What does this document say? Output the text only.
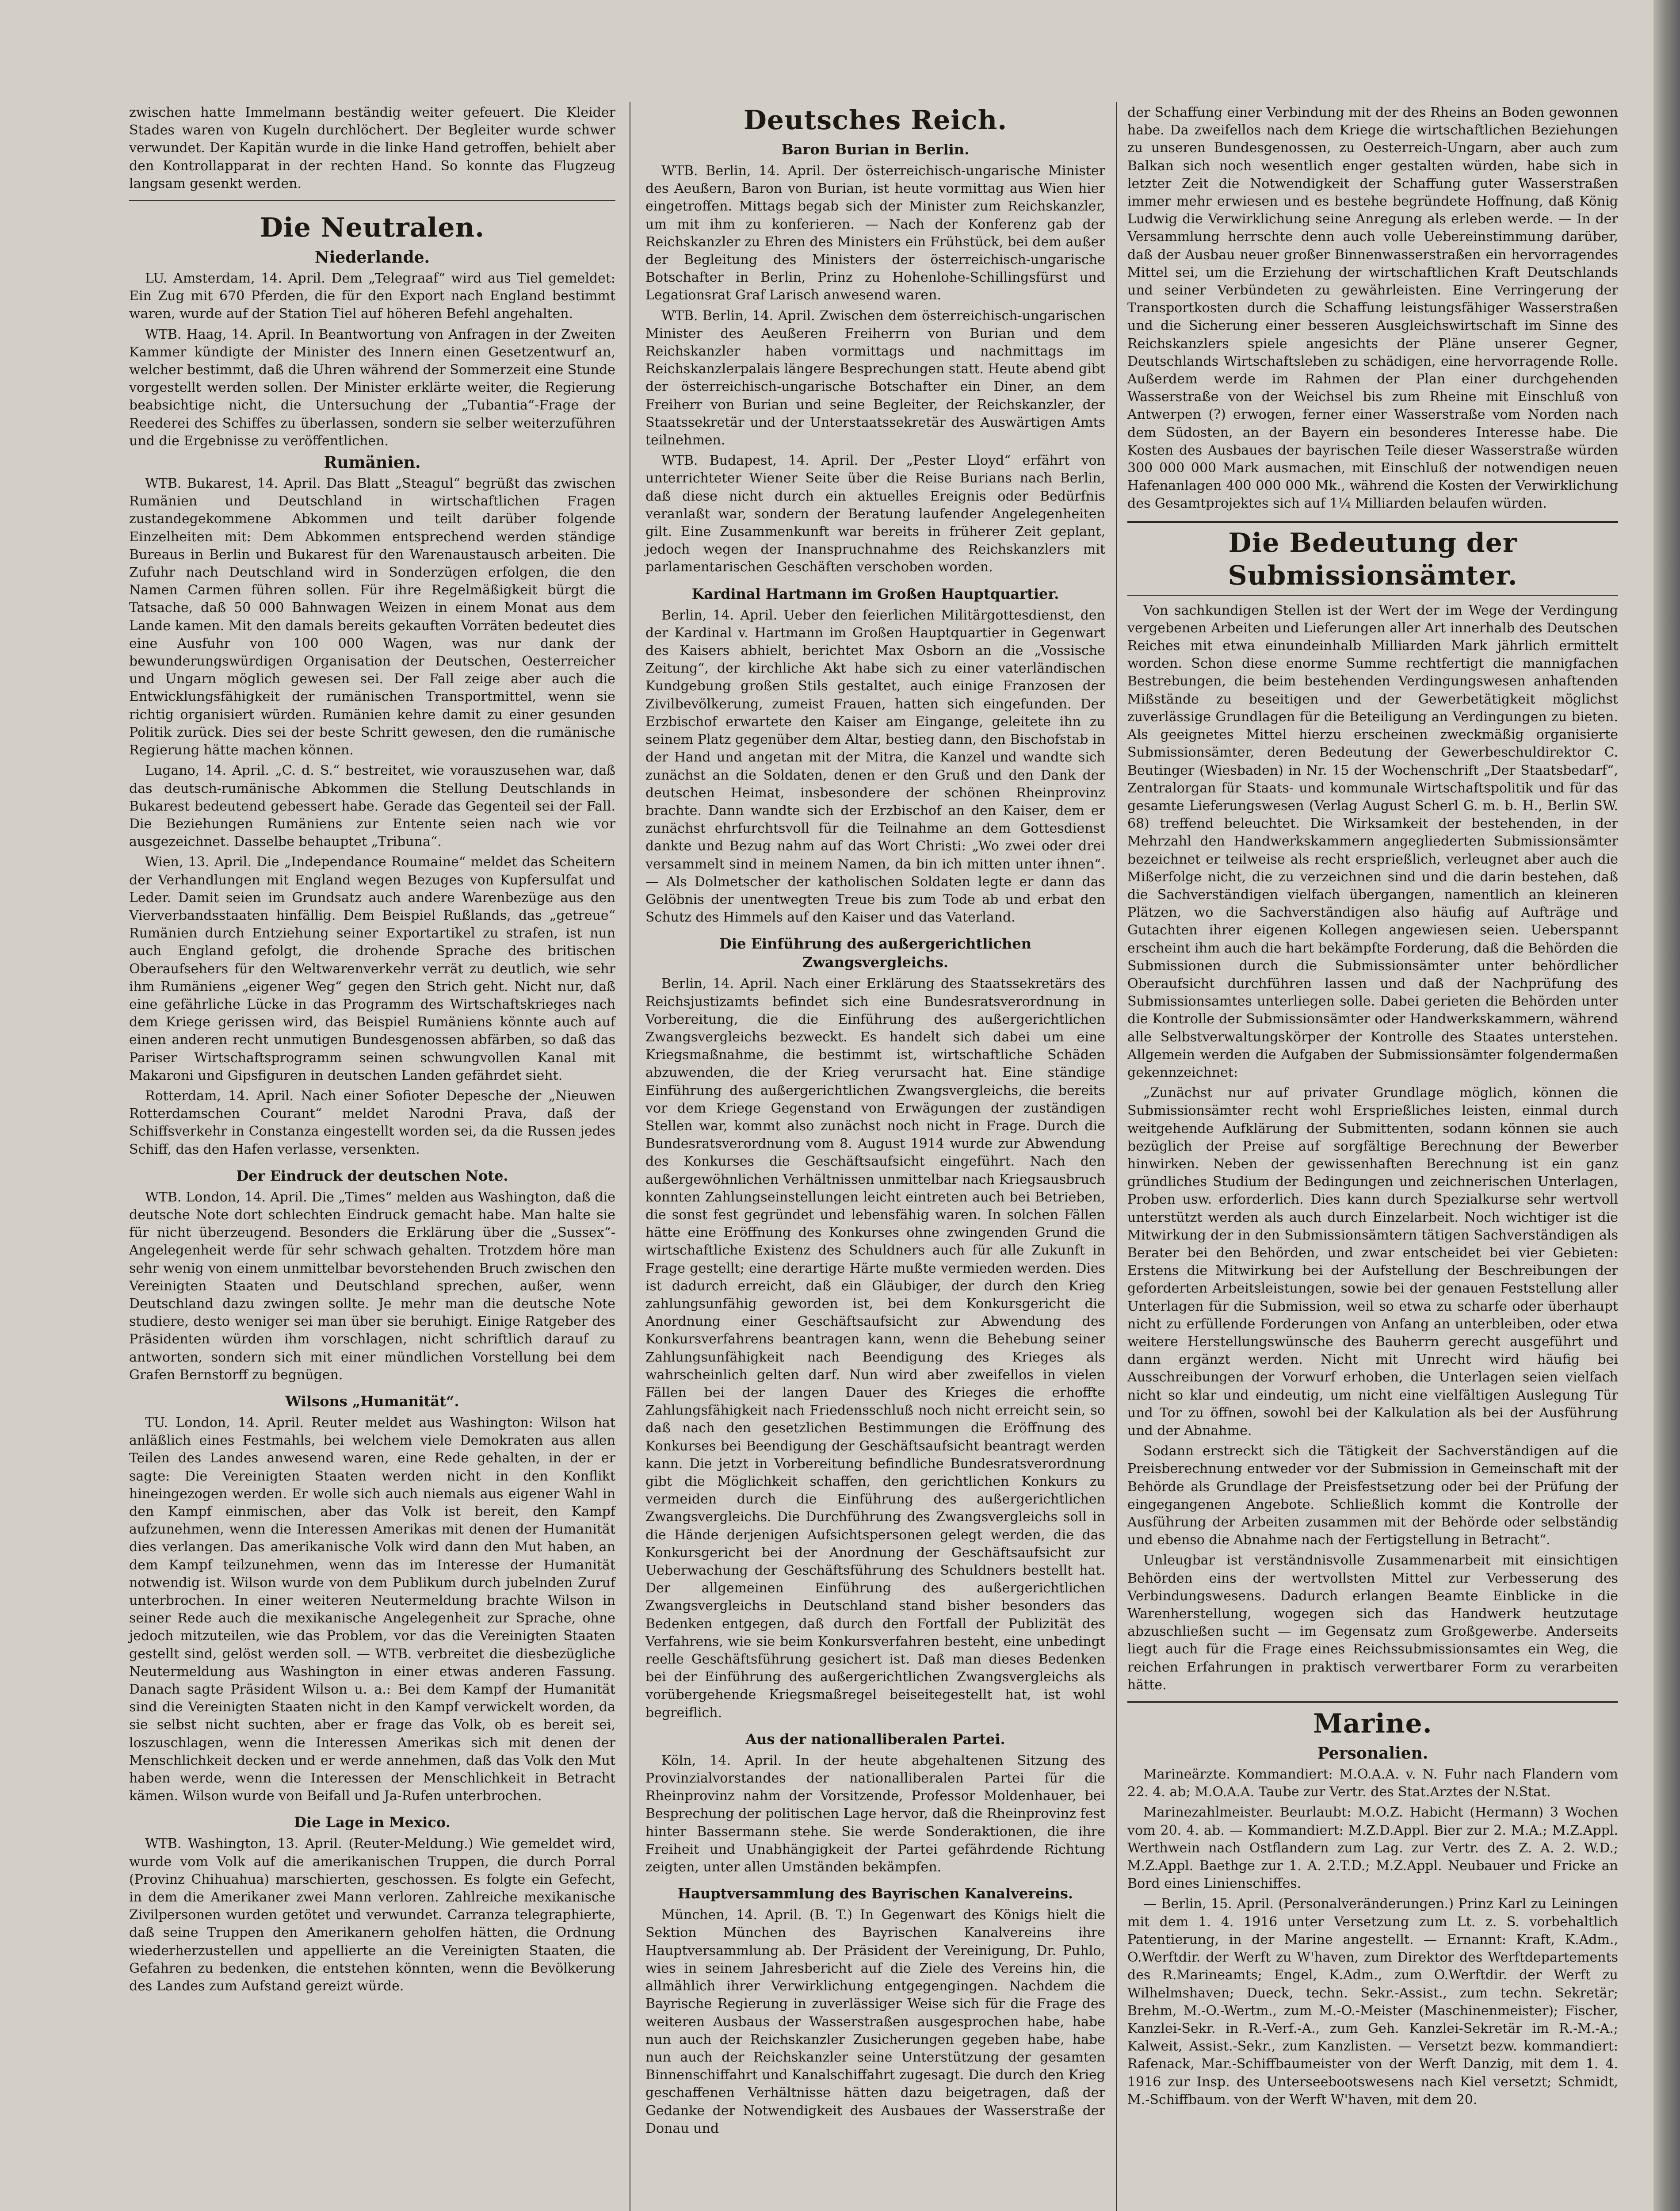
zwischen hatte Immelmann beständig weiter gefeuert. Die Kleider Stades waren von Kugeln durchlöchert. Der Begleiter wurde schwer verwundet. Der Kapitän wurde in die linke Hand getroffen, behielt aber den Kontrollapparat in der rechten Hand. So konnte das Flugzeug langsam gesenkt werden.

Die Neutralen.
Niederlande.

LU. Amsterdam, 14. April. Dem „Telegraaf“ wird aus Tiel gemeldet: Ein Zug mit 670 Pferden, die für den Export nach England bestimmt waren, wurde auf der Station Tiel auf höheren Befehl angehalten.

WTB. Haag, 14. April. In Beantwortung von Anfragen in der Zweiten Kammer kündigte der Minister des Innern einen Gesetzentwurf an, welcher bestimmt, daß die Uhren während der Sommerzeit eine Stunde vorgestellt werden sollen. Der Minister erklärte weiter, die Regierung beabsichtige nicht, die Untersuchung der „Tubantia“-Frage der Reederei des Schiffes zu überlassen, sondern sie selber weiterzuführen und die Ergebnisse zu veröffentlichen.

Rumänien.

WTB. Bukarest, 14. April. Das Blatt „Steagul“ begrüßt das zwischen Rumänien und Deutschland in wirtschaftlichen Fragen zustandegekommene Abkommen und teilt darüber folgende Einzelheiten mit: Dem Abkommen entsprechend werden ständige Bureaus in Berlin und Bukarest für den Warenaustausch arbeiten. Die Zufuhr nach Deutschland wird in Sonderzügen erfolgen, die den Namen Carmen führen sollen. Für ihre Regelmäßigkeit bürgt die Tatsache, daß 50 000 Bahnwagen Weizen in einem Monat aus dem Lande kamen. Mit den damals bereits gekauften Vorräten bedeutet dies eine Ausfuhr von 100 000 Wagen, was nur dank der bewunderungswürdigen Organisation der Deutschen, Oesterreicher und Ungarn möglich gewesen sei. Der Fall zeige aber auch die Entwicklungsfähigkeit der rumänischen Transportmittel, wenn sie richtig organisiert würden. Rumänien kehre damit zu einer gesunden Politik zurück. Dies sei der beste Schritt gewesen, den die rumänische Regierung hätte machen können.

Lugano, 14. April. „C. d. S.“ bestreitet, wie vorauszusehen war, daß das deutsch-rumänische Abkommen die Stellung Deutschlands in Bukarest bedeutend gebessert habe. Gerade das Gegenteil sei der Fall. Die Beziehungen Rumäniens zur Entente seien nach wie vor ausgezeichnet. Dasselbe behauptet „Tribuna“.

Wien, 13. April. Die „Independance Roumaine“ meldet das Scheitern der Verhandlungen mit England wegen Bezuges von Kupfersulfat und Leder. Damit seien im Grundsatz auch andere Warenbezüge aus den Vierverbandsstaaten hinfällig. Dem Beispiel Rußlands, das „getreue“ Rumänien durch Entziehung seiner Exportartikel zu strafen, ist nun auch England gefolgt, die drohende Sprache des britischen Oberaufsehers für den Weltwarenverkehr verrät zu deutlich, wie sehr ihm Rumäniens „eigener Weg“ gegen den Strich geht. Nicht nur, daß eine gefährliche Lücke in das Programm des Wirtschaftskrieges nach dem Kriege gerissen wird, das Beispiel Rumäniens könnte auch auf einen anderen recht unmutigen Bundesgenossen abfärben, so daß das Pariser Wirtschaftsprogramm seinen schwungvollen Kanal mit Makaroni und Gipsfiguren in deutschen Landen gefährdet sieht.

Rotterdam, 14. April. Nach einer Sofioter Depesche der „Nieuwen Rotterdamschen Courant“ meldet Narodni Prava, daß der Schiffsverkehr in Constanza eingestellt worden sei, da die Russen jedes Schiff, das den Hafen verlasse, versenkten.

Der Eindruck der deutschen Note.

WTB. London, 14. April. Die „Times“ melden aus Washington, daß die deutsche Note dort schlechten Eindruck gemacht habe. Man halte sie für nicht überzeugend. Besonders die Erklärung über die „Sussex“-Angelegenheit werde für sehr schwach gehalten. Trotzdem höre man sehr wenig von einem unmittelbar bevorstehenden Bruch zwischen den Vereinigten Staaten und Deutschland sprechen, außer, wenn Deutschland dazu zwingen sollte. Je mehr man die deutsche Note studiere, desto weniger sei man über sie beruhigt. Einige Ratgeber des Präsidenten würden ihm vorschlagen, nicht schriftlich darauf zu antworten, sondern sich mit einer mündlichen Vorstellung bei dem Grafen Bernstorff zu begnügen.

Wilsons „Humanität“.

TU. London, 14. April. Reuter meldet aus Washington: Wilson hat anläßlich eines Festmahls, bei welchem viele Demokraten aus allen Teilen des Landes anwesend waren, eine Rede gehalten, in der er sagte: Die Vereinigten Staaten werden nicht in den Konflikt hineingezogen werden. Er wolle sich auch niemals aus eigener Wahl in den Kampf einmischen, aber das Volk ist bereit, den Kampf aufzunehmen, wenn die Interessen Amerikas mit denen der Humanität dies verlangen. Das amerikanische Volk wird dann den Mut haben, an dem Kampf teilzunehmen, wenn das im Interesse der Humanität notwendig ist. Wilson wurde von dem Publikum durch jubelnden Zuruf unterbrochen. In einer weiteren Neutermeldung brachte Wilson in seiner Rede auch die mexikanische Angelegenheit zur Sprache, ohne jedoch mitzuteilen, wie das Problem, vor das die Vereinigten Staaten gestellt sind, gelöst werden soll. — WTB. verbreitet die diesbezügliche Neutermeldung aus Washington in einer etwas anderen Fassung. Danach sagte Präsident Wilson u. a.: Bei dem Kampf der Humanität sind die Vereinigten Staaten nicht in den Kampf verwickelt worden, da sie selbst nicht suchten, aber er frage das Volk, ob es bereit sei, loszuschlagen, wenn die Interessen Amerikas sich mit denen der Menschlichkeit decken und er werde annehmen, daß das Volk den Mut haben werde, wenn die Interessen der Menschlichkeit in Betracht kämen. Wilson wurde von Beifall und Ja-Rufen unterbrochen.

Die Lage in Mexico.

WTB. Washington, 13. April. (Reuter-Meldung.) Wie gemeldet wird, wurde vom Volk auf die amerikanischen Truppen, die durch Porral (Provinz Chihuahua) marschierten, geschossen. Es folgte ein Gefecht, in dem die Amerikaner zwei Mann verloren. Zahlreiche mexikanische Zivilpersonen wurden getötet und verwundet. Carranza telegraphierte, daß seine Truppen den Amerikanern geholfen hätten, die Ordnung wiederherzustellen und appellierte an die Vereinigten Staaten, die Gefahren zu bedenken, die entstehen könnten, wenn die Bevölkerung des Landes zum Aufstand gereizt würde.

Deutsches Reich.
Baron Burian in Berlin.

WTB. Berlin, 14. April. Der österreichisch-ungarische Minister des Aeußern, Baron von Burian, ist heute vormittag aus Wien hier eingetroffen. Mittags begab sich der Minister zum Reichskanzler, um mit ihm zu konferieren. — Nach der Konferenz gab der Reichskanzler zu Ehren des Ministers ein Frühstück, bei dem außer der Begleitung des Ministers der österreichisch-ungarische Botschafter in Berlin, Prinz zu Hohenlohe-Schillingsfürst und Legationsrat Graf Larisch anwesend waren.

WTB. Berlin, 14. April. Zwischen dem österreichisch-ungarischen Minister des Aeußeren Freiherrn von Burian und dem Reichskanzler haben vormittags und nachmittags im Reichskanzlerpalais längere Besprechungen statt. Heute abend gibt der österreichisch-ungarische Botschafter ein Diner, an dem Freiherr von Burian und seine Begleiter, der Reichskanzler, der Staatssekretär und der Unterstaatssekretär des Auswärtigen Amts teilnehmen.

WTB. Budapest, 14. April. Der „Pester Lloyd“ erfährt von unterrichteter Wiener Seite über die Reise Burians nach Berlin, daß diese nicht durch ein aktuelles Ereignis oder Bedürfnis veranlaßt war, sondern der Beratung laufender Angelegenheiten gilt. Eine Zusammenkunft war bereits in früherer Zeit geplant, jedoch wegen der Inanspruchnahme des Reichskanzlers mit parlamentarischen Geschäften verschoben worden.

Kardinal Hartmann im Großen Hauptquartier.

Berlin, 14. April. Ueber den feierlichen Militärgottesdienst, den der Kardinal v. Hartmann im Großen Hauptquartier in Gegenwart des Kaisers abhielt, berichtet Max Osborn an die „Vossische Zeitung“, der kirchliche Akt habe sich zu einer vaterländischen Kundgebung großen Stils gestaltet, auch einige Franzosen der Zivilbevölkerung, zumeist Frauen, hatten sich eingefunden. Der Erzbischof erwartete den Kaiser am Eingange, geleitete ihn zu seinem Platz gegenüber dem Altar, bestieg dann, den Bischofstab in der Hand und angetan mit der Mitra, die Kanzel und wandte sich zunächst an die Soldaten, denen er den Gruß und den Dank der deutschen Heimat, insbesondere der schönen Rheinprovinz brachte. Dann wandte sich der Erzbischof an den Kaiser, dem er zunächst ehrfurchtsvoll für die Teilnahme an dem Gottesdienst dankte und Bezug nahm auf das Wort Christi: „Wo zwei oder drei versammelt sind in meinem Namen, da bin ich mitten unter ihnen“. — Als Dolmetscher der katholischen Soldaten legte er dann das Gelöbnis der unentwegten Treue bis zum Tode ab und erbat den Schutz des Himmels auf den Kaiser und das Vaterland.

Die Einführung des außergerichtlichen Zwangsvergleichs.

Berlin, 14. April. Nach einer Erklärung des Staatssekretärs des Reichsjustizamts befindet sich eine Bundesratsverordnung in Vorbereitung, die die Einführung des außergerichtlichen Zwangsvergleichs bezweckt. Es handelt sich dabei um eine Kriegsmaßnahme, die bestimmt ist, wirtschaftliche Schäden abzuwenden, die der Krieg verursacht hat. Eine ständige Einführung des außergerichtlichen Zwangsvergleichs, die bereits vor dem Kriege Gegenstand von Erwägungen der zuständigen Stellen war, kommt also zunächst noch nicht in Frage. Durch die Bundesratsverordnung vom 8. August 1914 wurde zur Abwendung des Konkurses die Geschäftsaufsicht eingeführt. Nach den außergewöhnlichen Verhältnissen unmittelbar nach Kriegsausbruch konnten Zahlungseinstellungen leicht eintreten auch bei Betrieben, die sonst fest gegründet und lebensfähig waren. In solchen Fällen hätte eine Eröffnung des Konkurses ohne zwingenden Grund die wirtschaftliche Existenz des Schuldners auch für alle Zukunft in Frage gestellt; eine derartige Härte mußte vermieden werden. Dies ist dadurch erreicht, daß ein Gläubiger, der durch den Krieg zahlungsunfähig geworden ist, bei dem Konkursgericht die Anordnung einer Geschäftsaufsicht zur Abwendung des Konkursverfahrens beantragen kann, wenn die Behebung seiner Zahlungsunfähigkeit nach Beendigung des Krieges als wahrscheinlich gelten darf. Nun wird aber zweifellos in vielen Fällen bei der langen Dauer des Krieges die erhoffte Zahlungsfähigkeit nach Friedensschluß noch nicht erreicht sein, so daß nach den gesetzlichen Bestimmungen die Eröffnung des Konkurses bei Beendigung der Geschäftsaufsicht beantragt werden kann. Die jetzt in Vorbereitung befindliche Bundesratsverordnung gibt die Möglichkeit schaffen, den gerichtlichen Konkurs zu vermeiden durch die Einführung des außergerichtlichen Zwangsvergleichs. Die Durchführung des Zwangsvergleichs soll in die Hände derjenigen Aufsichtspersonen gelegt werden, die das Konkursgericht bei der Anordnung der Geschäftsaufsicht zur Ueberwachung der Geschäftsführung des Schuldners bestellt hat. Der allgemeinen Einführung des außergerichtlichen Zwangsvergleichs in Deutschland stand bisher besonders das Bedenken entgegen, daß durch den Fortfall der Publizität des Verfahrens, wie sie beim Konkursverfahren besteht, eine unbedingt reelle Geschäftsführung gesichert ist. Daß man dieses Bedenken bei der Einführung des außergerichtlichen Zwangsvergleichs als vorübergehende Kriegsmaßregel beiseitegestellt hat, ist wohl begreiflich.

Aus der nationalliberalen Partei.

Köln, 14. April. In der heute abgehaltenen Sitzung des Provinzialvorstandes der nationalliberalen Partei für die Rheinprovinz nahm der Vorsitzende, Professor Moldenhauer, bei Besprechung der politischen Lage hervor, daß die Rheinprovinz fest hinter Bassermann stehe. Sie werde Sonderaktionen, die ihre Freiheit und Unabhängigkeit der Partei gefährdende Richtung zeigten, unter allen Umständen bekämpfen.

Hauptversammlung des Bayrischen Kanalvereins.

München, 14. April. (B. T.) In Gegenwart des Königs hielt die Sektion München des Bayrischen Kanalvereins ihre Hauptversammlung ab. Der Präsident der Vereinigung, Dr. Puhlo, wies in seinem Jahresbericht auf die Ziele des Vereins hin, die allmählich ihrer Verwirklichung entgegengingen. Nachdem die Bayrische Regierung in zuverlässiger Weise sich für die Frage des weiteren Ausbaus der Wasserstraßen ausgesprochen habe, habe nun auch der Reichskanzler Zusicherungen gegeben habe, habe nun auch der Reichskanzler seine Unterstützung der gesamten Binnenschiffahrt und Kanalschiffahrt zugesagt. Die durch den Krieg geschaffenen Verhältnisse hätten dazu beigetragen, daß der Gedanke der Notwendigkeit des Ausbaues der Wasserstraße der Donau und

der Schaffung einer Verbindung mit der des Rheins an Boden gewonnen habe. Da zweifellos nach dem Kriege die wirtschaftlichen Beziehungen zu unseren Bundesgenossen, zu Oesterreich-Ungarn, aber auch zum Balkan sich noch wesentlich enger gestalten würden, habe sich in letzter Zeit die Notwendigkeit der Schaffung guter Wasserstraßen immer mehr erwiesen und es bestehe begründete Hoffnung, daß König Ludwig die Verwirklichung seine Anregung als erleben werde. — In der Versammlung herrschte denn auch volle Uebereinstimmung darüber, daß der Ausbau neuer großer Binnenwasserstraßen ein hervorragendes Mittel sei, um die Erziehung der wirtschaftlichen Kraft Deutschlands und seiner Verbündeten zu gewährleisten. Eine Verringerung der Transportkosten durch die Schaffung leistungsfähiger Wasserstraßen und die Sicherung einer besseren Ausgleichswirtschaft im Sinne des Reichskanzlers spiele angesichts der Pläne unserer Gegner, Deutschlands Wirtschaftsleben zu schädigen, eine hervorragende Rolle. Außerdem werde im Rahmen der Plan einer durchgehenden Wasserstraße von der Weichsel bis zum Rheine mit Einschluß von Antwerpen (?) erwogen, ferner einer Wasserstraße vom Norden nach dem Südosten, an der Bayern ein besonderes Interesse habe. Die Kosten des Ausbaues der bayrischen Teile dieser Wasserstraße würden 300 000 000 Mark ausmachen, mit Einschluß der notwendigen neuen Hafenanlagen 400 000 000 Mk., während die Kosten der Verwirklichung des Gesamtprojektes sich auf 1¼ Milliarden belaufen würden.

Die Bedeutung der Submissionsämter.

Von sachkundigen Stellen ist der Wert der im Wege der Verdingung vergebenen Arbeiten und Lieferungen aller Art innerhalb des Deutschen Reiches mit etwa einundeinhalb Milliarden Mark jährlich ermittelt worden. Schon diese enorme Summe rechtfertigt die mannigfachen Bestrebungen, die beim bestehenden Verdingungswesen anhaftenden Mißstände zu beseitigen und der Gewerbetätigkeit möglichst zuverlässige Grundlagen für die Beteiligung an Verdingungen zu bieten. Als geeignetes Mittel hierzu erscheinen zweckmäßig organisierte Submissionsämter, deren Bedeutung der Gewerbeschuldirektor C. Beutinger (Wiesbaden) in Nr. 15 der Wochenschrift „Der Staatsbedarf“, Zentralorgan für Staats- und kommunale Wirtschaftspolitik und für das gesamte Lieferungswesen (Verlag August Scherl G. m. b. H., Berlin SW. 68) treffend beleuchtet. Die Wirksamkeit der bestehenden, in der Mehrzahl den Handwerkskammern angegliederten Submissionsämter bezeichnet er teilweise als recht ersprießlich, verleugnet aber auch die Mißerfolge nicht, die zu verzeichnen sind und die darin bestehen, daß die Sachverständigen vielfach übergangen, namentlich an kleineren Plätzen, wo die Sachverständigen also häufig auf Aufträge und Gutachten ihrer eigenen Kollegen angewiesen seien. Ueberspannt erscheint ihm auch die hart bekämpfte Forderung, daß die Behörden die Submissionen durch die Submissionsämter unter behördlicher Oberaufsicht durchführen lassen und daß der Nachprüfung des Submissionsamtes unterliegen solle. Dabei gerieten die Behörden unter die Kontrolle der Submissionsämter oder Handwerkskammern, während alle Selbstverwaltungskörper der Kontrolle des Staates unterstehen. Allgemein werden die Aufgaben der Submissionsämter folgendermaßen gekennzeichnet:

„Zunächst nur auf privater Grundlage möglich, können die Submissionsämter recht wohl Ersprießliches leisten, einmal durch weitgehende Aufklärung der Submittenten, sodann können sie auch bezüglich der Preise auf sorgfältige Berechnung der Bewerber hinwirken. Neben der gewissenhaften Berechnung ist ein ganz gründliches Studium der Bedingungen und zeichnerischen Unterlagen, Proben usw. erforderlich. Dies kann durch Spezialkurse sehr wertvoll unterstützt werden als auch durch Einzelarbeit. Noch wichtiger ist die Mitwirkung der in den Submissionsämtern tätigen Sachverständigen als Berater bei den Behörden, und zwar entscheidet bei vier Gebieten: Erstens die Mitwirkung bei der Aufstellung der Beschreibungen der geforderten Arbeitsleistungen, sowie bei der genauen Feststellung aller Unterlagen für die Submission, weil so etwa zu scharfe oder überhaupt nicht zu erfüllende Forderungen von Anfang an unterbleiben, oder etwa weitere Herstellungswünsche des Bauherrn gerecht ausgeführt und dann ergänzt werden. Nicht mit Unrecht wird häufig bei Ausschreibungen der Vorwurf erhoben, die Unterlagen seien vielfach nicht so klar und eindeutig, um nicht eine vielfältigen Auslegung Tür und Tor zu öffnen, sowohl bei der Kalkulation als bei der Ausführung und der Abnahme.

Sodann erstreckt sich die Tätigkeit der Sachverständigen auf die Preisberechnung entweder vor der Submission in Gemeinschaft mit der Behörde als Grundlage der Preisfestsetzung oder bei der Prüfung der eingegangenen Angebote. Schließlich kommt die Kontrolle der Ausführung der Arbeiten zusammen mit der Behörde oder selbständig und ebenso die Abnahme nach der Fertigstellung in Betracht“.

Unleugbar ist verständnisvolle Zusammenarbeit mit einsichtigen Behörden eins der wertvollsten Mittel zur Verbesserung des Verbindungswesens. Dadurch erlangen Beamte Einblicke in die Warenherstellung, wogegen sich das Handwerk heutzutage abzuschließen sucht — im Gegensatz zum Großgewerbe. Anderseits liegt auch für die Frage eines Reichssubmissionsamtes ein Weg, die reichen Erfahrungen in praktisch verwertbarer Form zu verarbeiten hätte.

Marine.
Personalien.

Marineärzte. Kommandiert: M.O.A.A. v. N. Fuhr nach Flandern vom 22. 4. ab; M.O.A.A. Taube zur Vertr. des Stat.Arztes der N.Stat.

Marinezahlmeister. Beurlaubt: M.O.Z. Habicht (Hermann) 3 Wochen vom 20. 4. ab. — Kommandiert: M.Z.D.Appl. Bier zur 2. M.A.; M.Z.Appl. Werthwein nach Ostflandern zum Lag. zur Vertr. des Z. A. 2. W.D.; M.Z.Appl. Baethge zur 1. A. 2.T.D.; M.Z.Appl. Neubauer und Fricke an Bord eines Linienschiffes.

— Berlin, 15. April. (Personalveränderungen.) Prinz Karl zu Leiningen mit dem 1. 4. 1916 unter Versetzung zum Lt. z. S. vorbehaltlich Patentierung, in der Marine angestellt. — Ernannt: Kraft, K.Adm., O.Werftdir. der Werft zu W'haven, zum Direktor des Werftdepartements des R.Marineamts; Engel, K.Adm., zum O.Werftdir. der Werft zu Wilhelmshaven; Dueck, techn. Sekr.-Assist., zum techn. Sekretär; Brehm, M.-O.-Wertm., zum M.-O.-Meister (Maschinenmeister); Fischer, Kanzlei-Sekr. in R.-Verf.-A., zum Geh. Kanzlei-Sekretär im R.-M.-A.; Kalweit, Assist.-Sekr., zum Kanzlisten. — Versetzt bezw. kommandiert: Rafenack, Mar.-Schiffbaumeister von der Werft Danzig, mit dem 1. 4. 1916 zur Insp. des Unterseebootswesens nach Kiel versetzt; Schmidt, M.-Schiffbaum. von der Werft W'haven, mit dem 20.
